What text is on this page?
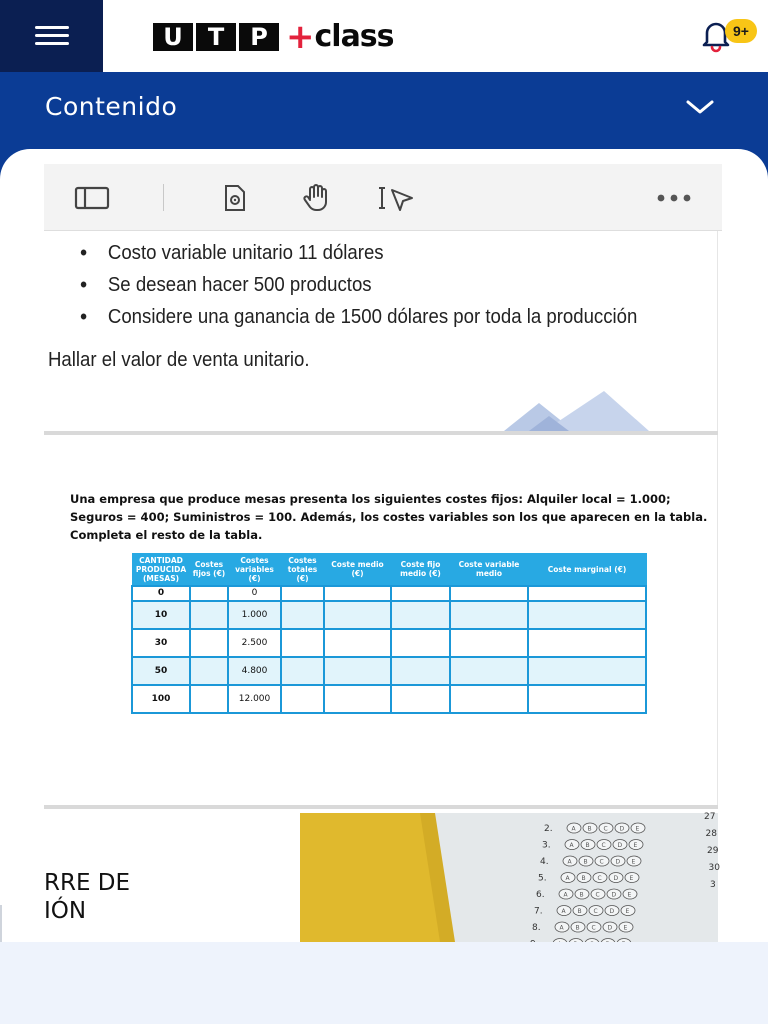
U	T	P + class	9+
Contenido
• Costo variable unitario 11 dólares
• Se desean hacer 500 productos
• Considere una ganancia de 1500 dólares por toda la producción
Hallar el valor de venta unitario.
Una empresa que produce mesas presenta los siguientes costes fijos: Alquiler local = 1.000; Seguros = 400; Suministros = 100. Además, los costes variables son los que aparecen en la tabla. Completa el resto de la tabla.
CANTIDAD PRODUCIDA (MESAS)	Costes fijos (€)	Costes variables (€)	Costes totales (€)	Coste medio (€)	Coste fijo medio (€)	Coste variable medio	Coste marginal (€)
0		0					
10		1.000					
30		2.500					
50		4.800					
100		12.000					
RRE DE
IÓN
2.	A B C D E
3.	A B C D E
4.	A B C D E
5.	A B C D E
6.	A B C D E
7.	A B C D E
8.	A B C D E
27
28
29
30
3
